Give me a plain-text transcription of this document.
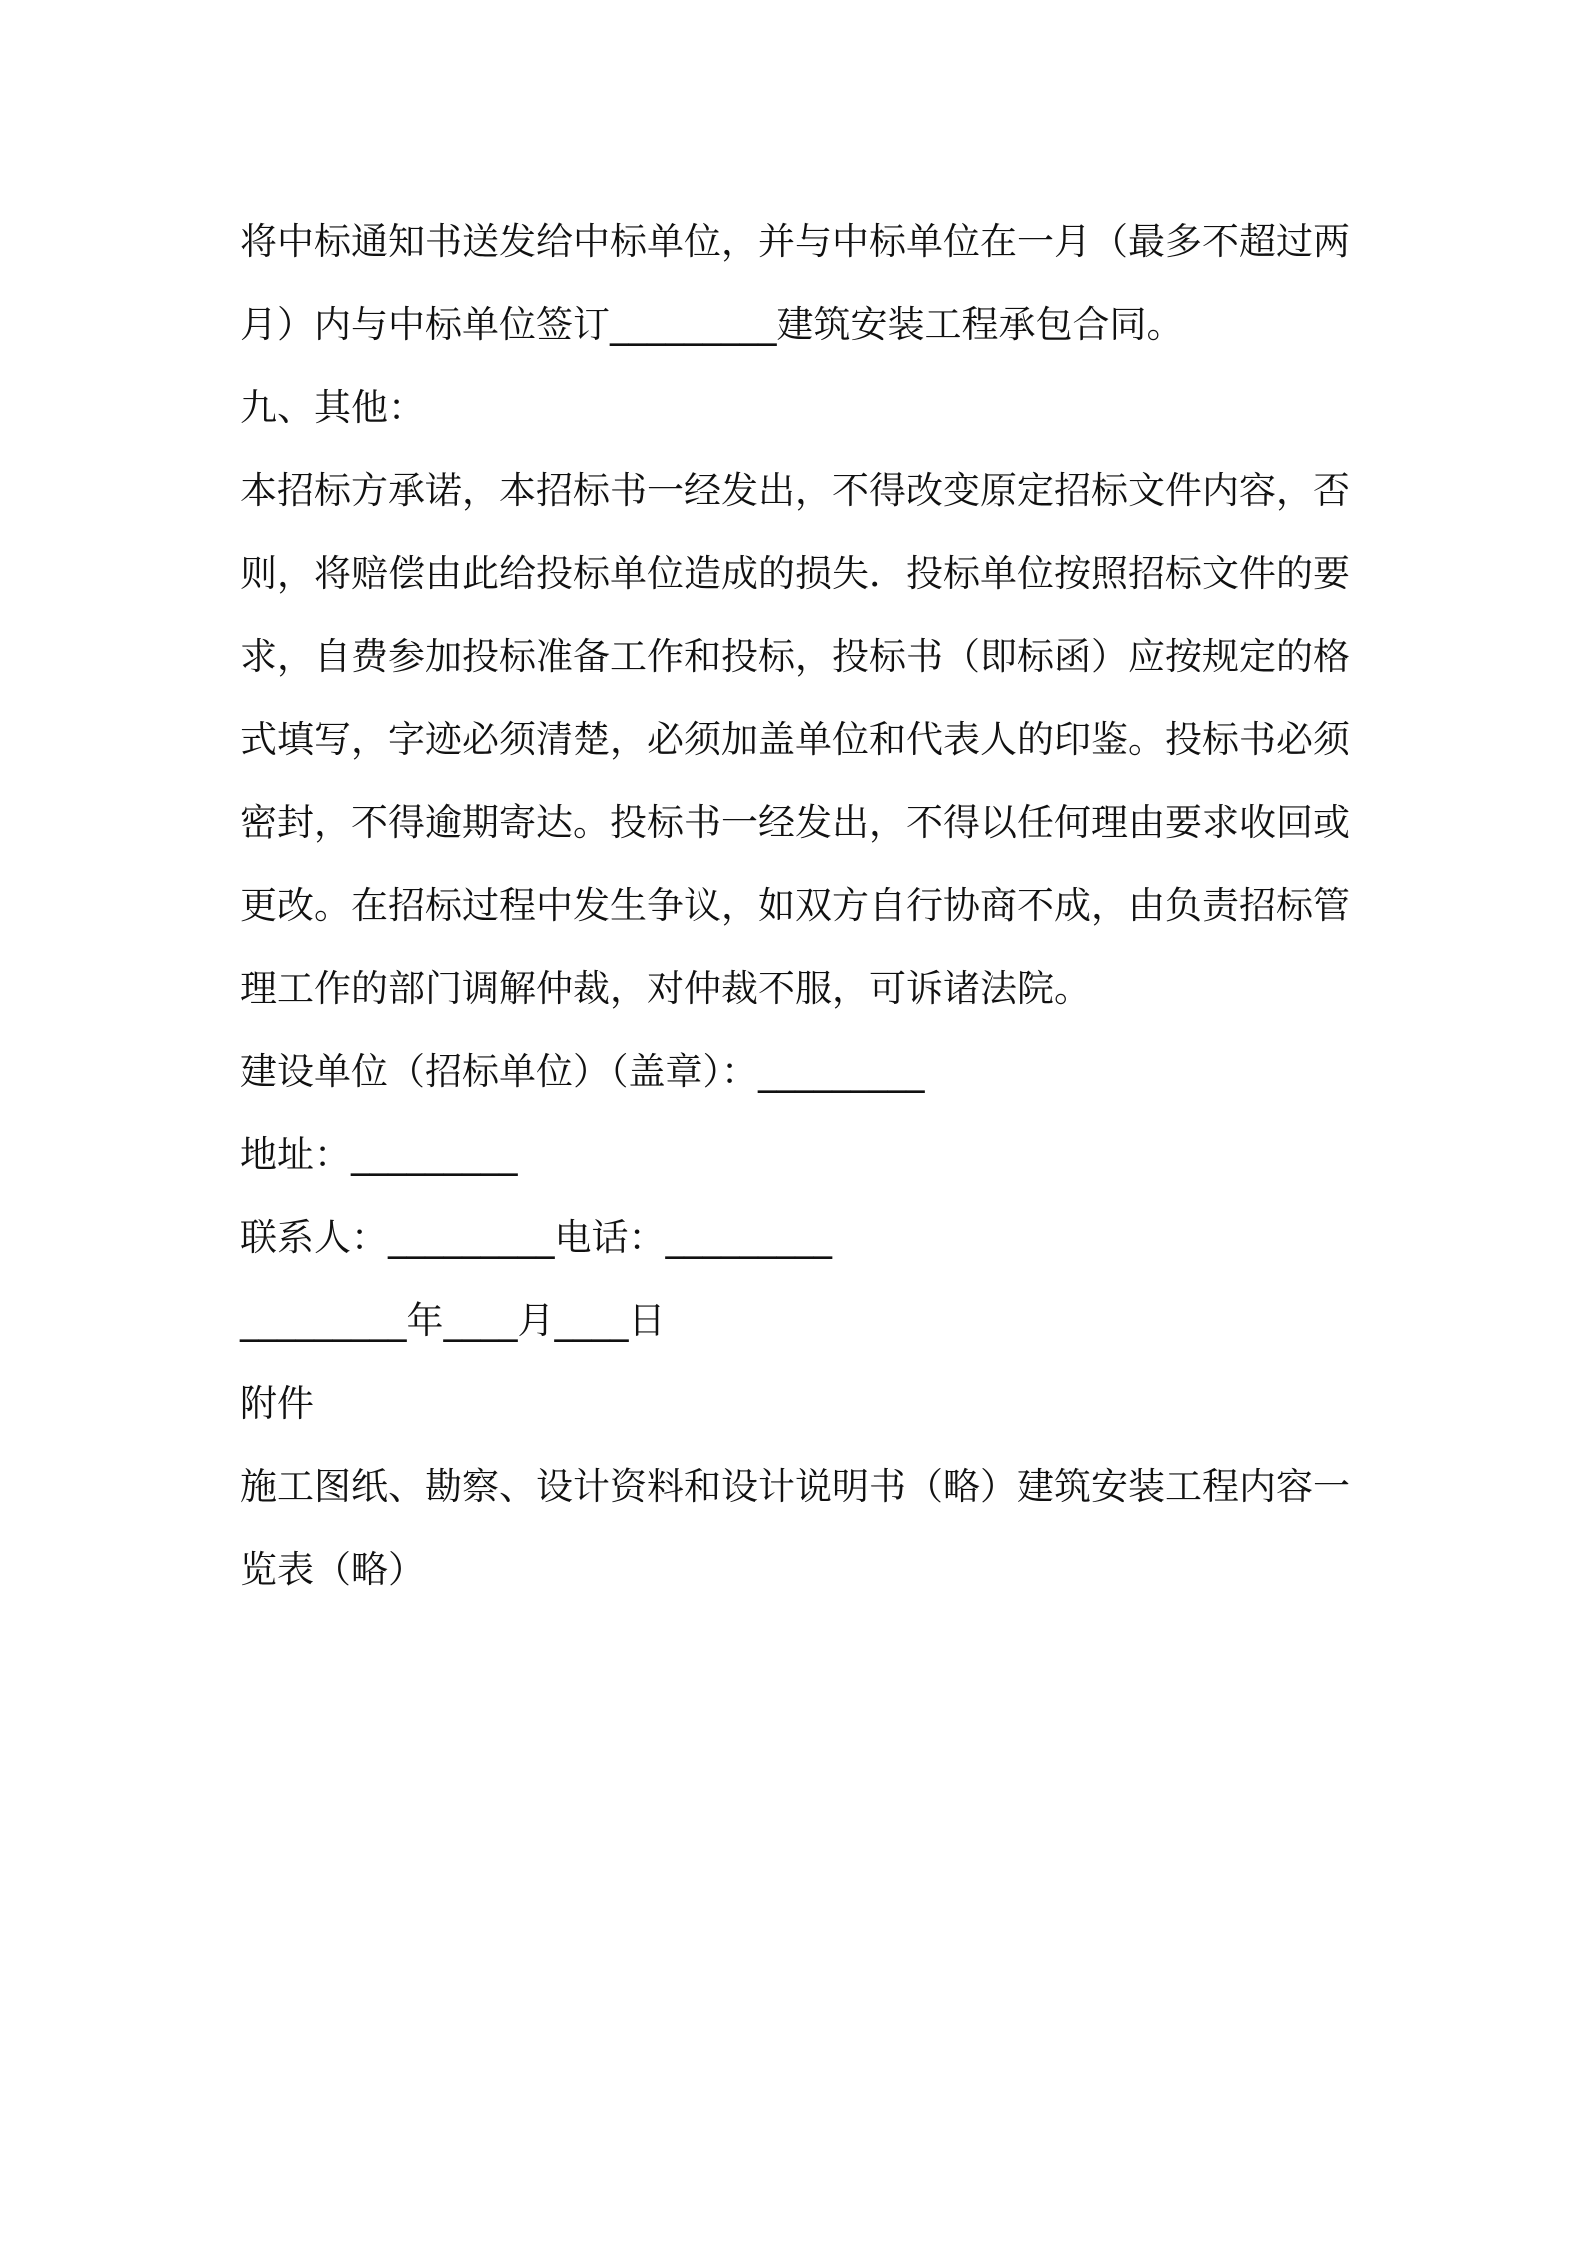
将中标通知书送发给中标单位，并与中标单位在一月（最多不超过两
月）内与中标单位签订_________建筑安装工程承包合同。
九、其他：
本招标方承诺，本招标书一经发出，不得改变原定招标文件内容，否
则，将赔偿由此给投标单位造成的损失．投标单位按照招标文件的要
求，自费参加投标准备工作和投标，投标书（即标函）应按规定的格
式填写，字迹必须清楚，必须加盖单位和代表人的印鉴。投标书必须
密封，不得逾期寄达。投标书一经发出，不得以任何理由要求收回或
更改。在招标过程中发生争议，如双方自行协商不成，由负责招标管
理工作的部门调解仲裁，对仲裁不服，可诉诸法院。
建设单位（招标单位）（盖章）：_________
地址：_________
联系人：_________电话：_________
_________年____月____日
附件
施工图纸、勘察、设计资料和设计说明书（略）建筑安装工程内容一
览表（略）
